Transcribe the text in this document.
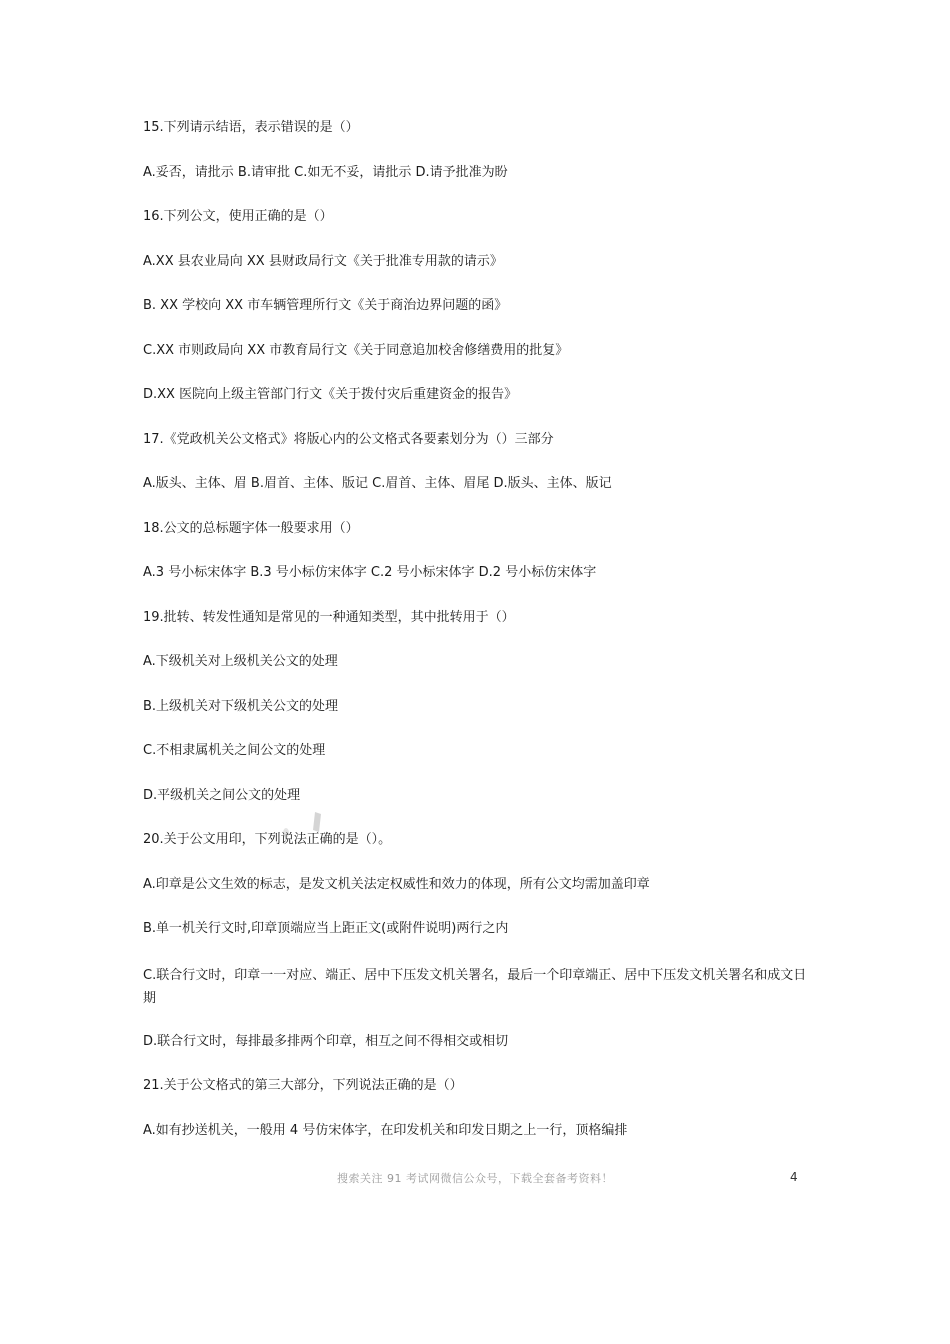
15.下列请示结语，表示错误的是（）

A.妥否，请批示 B.请审批 C.如无不妥，请批示 D.请予批准为盼

16.下列公文，使用正确的是（）

A.XX 县农业局向 XX 县财政局行文《关于批准专用款的请示》

B. XX 学校向 XX 市车辆管理所行文《关于商治边界问题的函》

C.XX 市则政局向 XX 市教育局行文《关于同意追加校舍修缮费用的批复》

D.XX 医院向上级主管部门行文《关于拨付灾后重建资金的报告》

17.《党政机关公文格式》将版心内的公文格式各要素划分为（）三部分

A.版头、主体、眉 B.眉首、主体、版记 C.眉首、主体、眉尾 D.版头、主体、版记

18.公文的总标题字体一般要求用（）

A.3 号小标宋体字 B.3 号小标仿宋体字 C.2 号小标宋体字 D.2 号小标仿宋体字

19.批转、转发性通知是常见的一种通知类型，其中批转用于（）

A.下级机关对上级机关公文的处理

B.上级机关对下级机关公文的处理

C.不相隶属机关之间公文的处理

D.平级机关之间公文的处理

20.关于公文用印，下列说法正确的是（）。

A.印章是公文生效的标志，是发文机关法定权威性和效力的体现，所有公文均需加盖印章

B.单一机关行文时,印章顶端应当上距正文(或附件说明)两行之内

C.联合行文时，印章一一对应、端正、居中下压发文机关署名，最后一个印章端正、居中下压发文机关署名和成文日期

D.联合行文时，每排最多排两个印章，相互之间不得相交或相切

21.关于公文格式的第三大部分，下列说法正确的是（）

A.如有抄送机关，一般用 4 号仿宋体字，在印发机关和印发日期之上一行，顶格编排

搜索关注 91 考试网微信公众号，下载全套备考资料！	4
